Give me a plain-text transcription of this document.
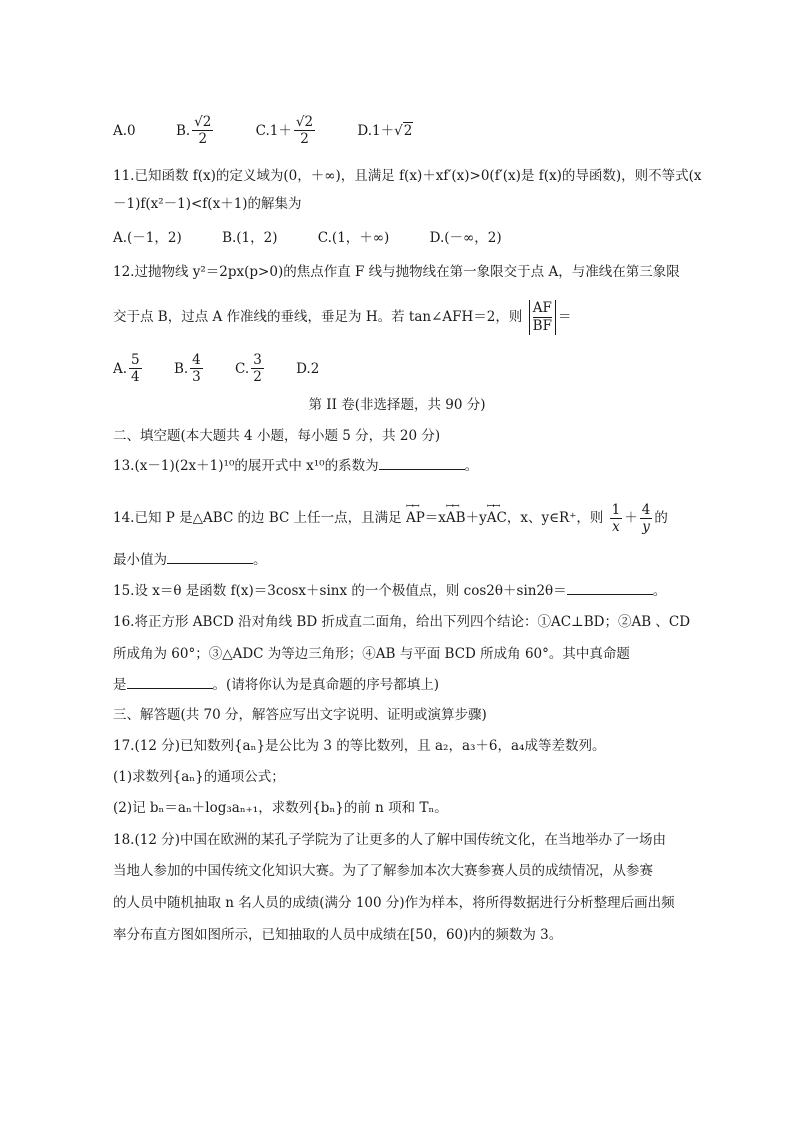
A.0	B. $\frac{√2}{2}$
	$C.1+ \frac{√2}{2}$
	D.1＋ √2
11.已知函数 f(x)的定义域为(0，＋∞)，且满足 f(x)＋xf′(x)>0(f′(x)是 f(x)的导函数)，则不等式(x
－1)f(x²－1)<f(x＋1)的解集为
A.(－1，2)	B.(1，2)	C.(1，＋∞)	D.(－∞，2)
12.过抛物线 y²＝2px(p>0)的焦点作直 F 线与抛物线在第一象限交于点 A，与准线在第三象限
交于点 B，过点 A 作准线的垂线，垂足为 H。若 tan∠AFH＝2，则 $\frac{AF}{BF}$ ＝
A. $\frac{5}{4}$
B. $\frac{4}{3}$
C. $\frac{3}{2} D.2$
第 II 卷(非选择题，共 90 分)
二、填空题(本大题共 4 小题，每小题 5 分，共 20 分)
13.(x－1)(2x＋1)¹⁰的展开式中 x¹⁰的系数为	。
14.已知 P 是△ABC 的边 BC 上任一点，且满足 ꟷꟷ AP＝xꟷꟷ AB＋yꟷꟷ AC，x、y∈R⁺，则 $\frac{1}{x} + \frac{4}{y}$ 的
最小值为	。
15.设 x＝θ 是函数 f(x)＝3cosx＋sinx 的一个极值点，则 cos2θ＋sin2θ＝	。
16.将正方形 ABCD 沿对角线 BD 折成直二面角，给出下列四个结论：①AC⊥BD；②AB 、CD
所成角为 60°；③△ADC 为等边三角形；④AB 与平面 BCD 所成角 60°。其中真命题
是	。(请将你认为是真命题的序号都填上)
三、解答题(共 70 分，解答应写出文字说明、证明或演算步骤)
17.(12 分)已知数列{aₙ}是公比为 3 的等比数列，且 a₂，a₃＋6，a₄成等差数列。
(1)求数列{aₙ}的通项公式；
(2)记 bₙ＝aₙ＋log₃aₙ₊₁，求数列{bₙ}的前 n 项和 Tₙ。
18.(12 分)中国在欧洲的某孔子学院为了让更多的人了解中国传统文化，在当地举办了一场由
当地人参加的中国传统文化知识大赛。为了了解参加本次大赛参赛人员的成绩情况，从参赛
的人员中随机抽取 n 名人员的成绩(满分 100 分)作为样本，将所得数据进行分析整理后画出频
率分布直方图如图所示，已知抽取的人员中成绩在[50，60)内的频数为 3。
